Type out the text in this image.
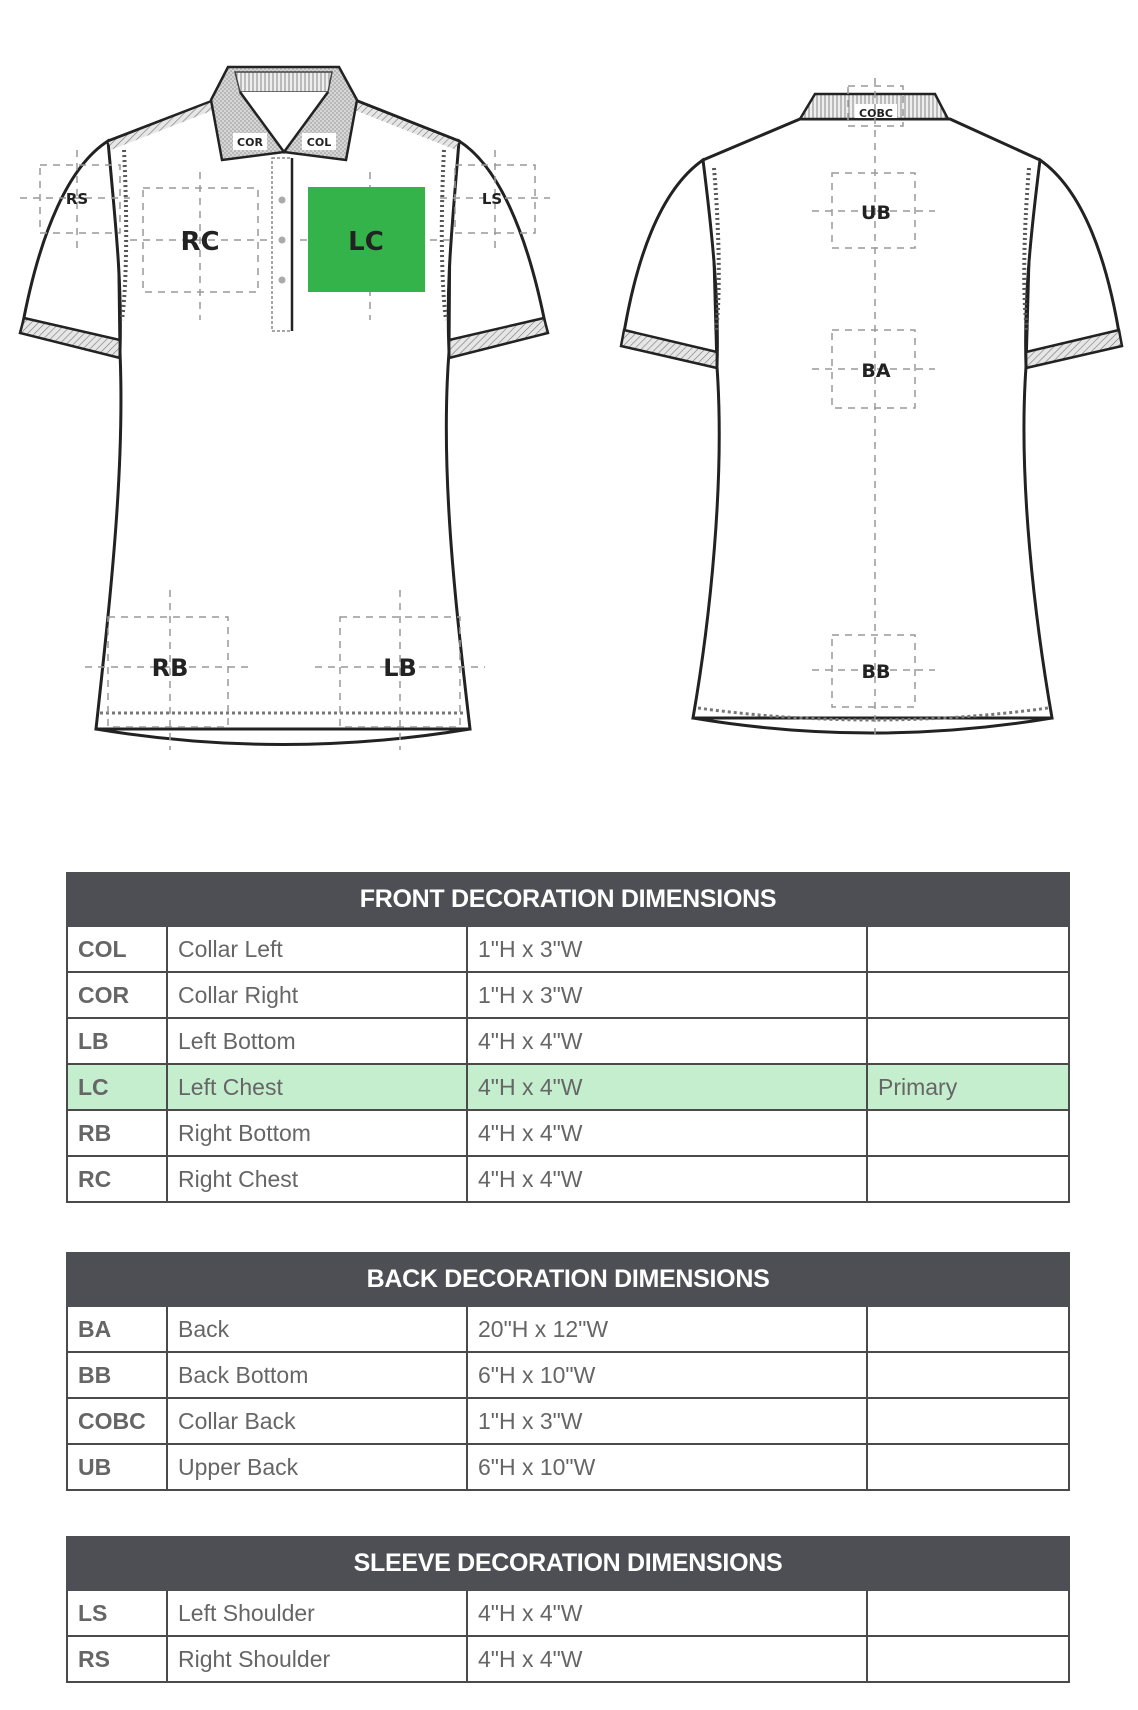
COR	COL
RS	LS
RC	LC
RB	LB
COBC
UB
BA
BB
FRONT DECORATION DIMENSIONS			
COL	Collar Left	1"H x 3"W	
COR	Collar Right	1"H x 3"W	
LB	Left Bottom	4"H x 4"W	
LC	Left Chest	4"H x 4"W	Primary
RB	Right Bottom	4"H x 4"W	
RC	Right Chest	4"H x 4"W	
BACK DECORATION DIMENSIONS			
BA	Back	20"H x 12"W	
BB	Back Bottom	6"H x 10"W	
COBC	Collar Back	1"H x 3"W	
UB	Upper Back	6"H x 10"W	
SLEEVE DECORATION DIMENSIONS			
LS	Left Shoulder	4"H x 4"W	
RS	Right Shoulder	4"H x 4"W	
